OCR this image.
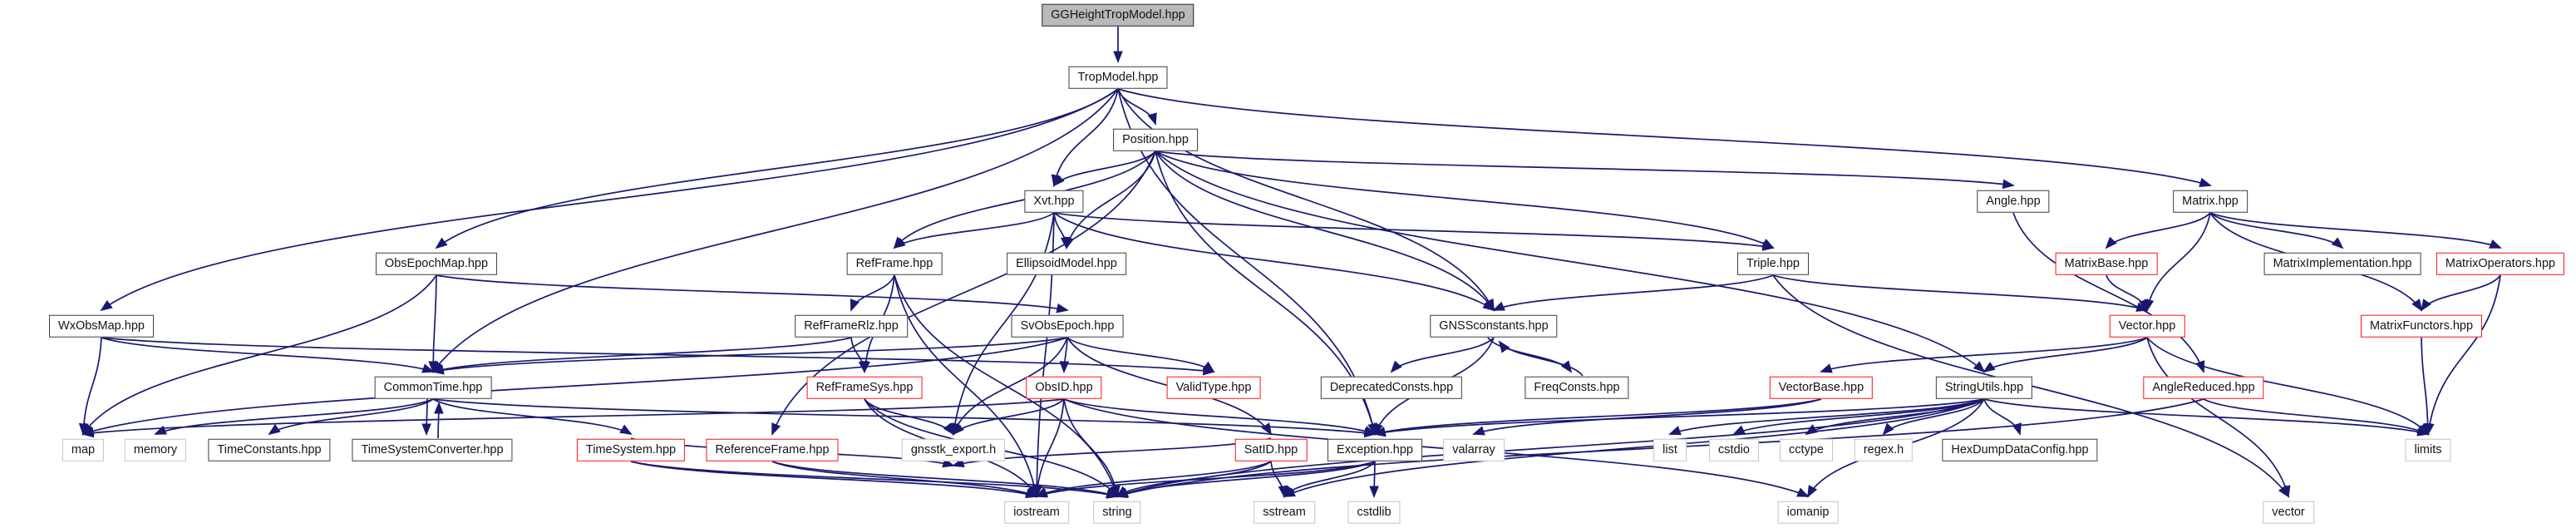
GGHeightTropModel.hpp
TropModel.hpp
Position.hpp
Xvt.hpp	Angle.hpp	Matrix.hpp
ObsEpochMap.hpp	RefFrame.hpp	EllipsoidModel.hpp	Triple.hpp	MatrixBase.hpp	MatrixImplementation.hpp	MatrixOperators.hpp
WxObsMap.hpp	RefFrameRlz.hpp	SvObsEpoch.hpp	GNSSconstants.hpp	Vector.hpp	MatrixFunctors.hpp
CommonTime.hpp	RefFrameSys.hpp	ObsID.hpp	ValidType.hpp	DeprecatedConsts.hpp	FreqConsts.hpp	VectorBase.hpp	StringUtils.hpp	AngleReduced.hpp
map	memory	TimeConstants.hpp	TimeSystemConverter.hpp	TimeSystem.hpp	ReferenceFrame.hpp	gnsstk_export.h	SatID.hpp	Exception.hpp	valarray	list	cstdio	cctype	regex.h	HexDumpDataConfig.hpp	limits
iostream	string	sstream	cstdlib	iomanip	vector
